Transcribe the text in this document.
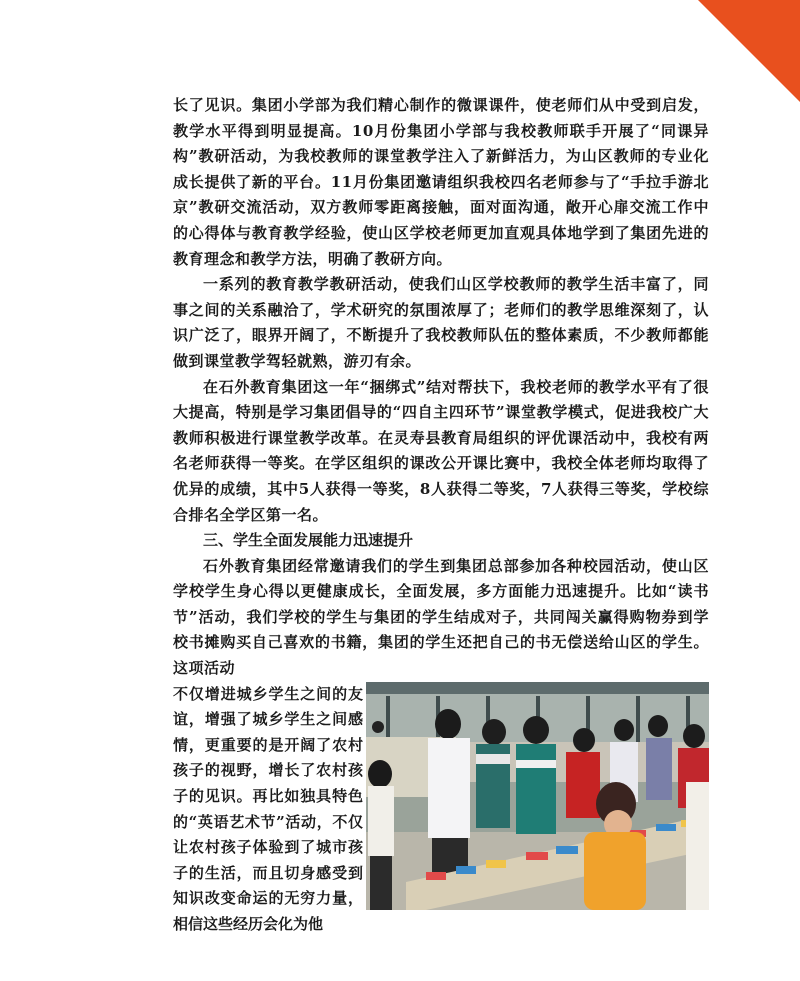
长了见识。集团小学部为我们精心制作的微课课件，使老师们从中受到启发，教学水平得到明显提高。10月份集团小学部与我校教师联手开展了“同课异构”教研活动，为我校教师的课堂教学注入了新鲜活力，为山区教师的专业化成长提供了新的平台。11月份集团邀请组织我校四名老师参与了“手拉手游北京”教研交流活动，双方教师零距离接触，面对面沟通，敞开心扉交流工作中的心得体与教育教学经验，使山区学校老师更加直观具体地学到了集团先进的教育理念和教学方法，明确了教研方向。

一系列的教育教学教研活动，使我们山区学校教师的教学生活丰富了，同事之间的关系融洽了，学术研究的氛围浓厚了；老师们的教学思维深刻了，认识广泛了，眼界开阔了，不断提升了我校教师队伍的整体素质，不少教师都能做到课堂教学驾轻就熟，游刃有余。

在石外教育集团这一年“捆绑式”结对帮扶下，我校老师的教学水平有了很大提高，特别是学习集团倡导的“四自主四环节”课堂教学模式，促进我校广大教师积极进行课堂教学改革。在灵寿县教育局组织的评优课活动中，我校有两名老师获得一等奖。在学区组织的课改公开课比赛中，我校全体老师均取得了优异的成绩，其中5人获得一等奖，8人获得二等奖，7人获得三等奖，学校综合排名全学区第一名。

三、学生全面发展能力迅速提升

石外教育集团经常邀请我们的学生到集团总部参加各种校园活动，使山区学校学生身心得以更健康成长，全面发展，多方面能力迅速提升。比如“读书节”活动，我们学校的学生与集团的学生结成对子，共同闯关赢得购物券到学校书摊购买自己喜欢的书籍，集团的学生还把自己的书无偿送给山区的学生。这项活动

不仅增进城乡学生之间的友谊，增强了城乡学生之间感情，更重要的是开阔了农村孩子的视野，增长了农村孩子的见识。再比如独具特色的“英语艺术节”活动，不仅让农村孩子体验到了城市孩子的生活，而且切身感受到知识改变命运的无穷力量，相信这些经历会化为他
